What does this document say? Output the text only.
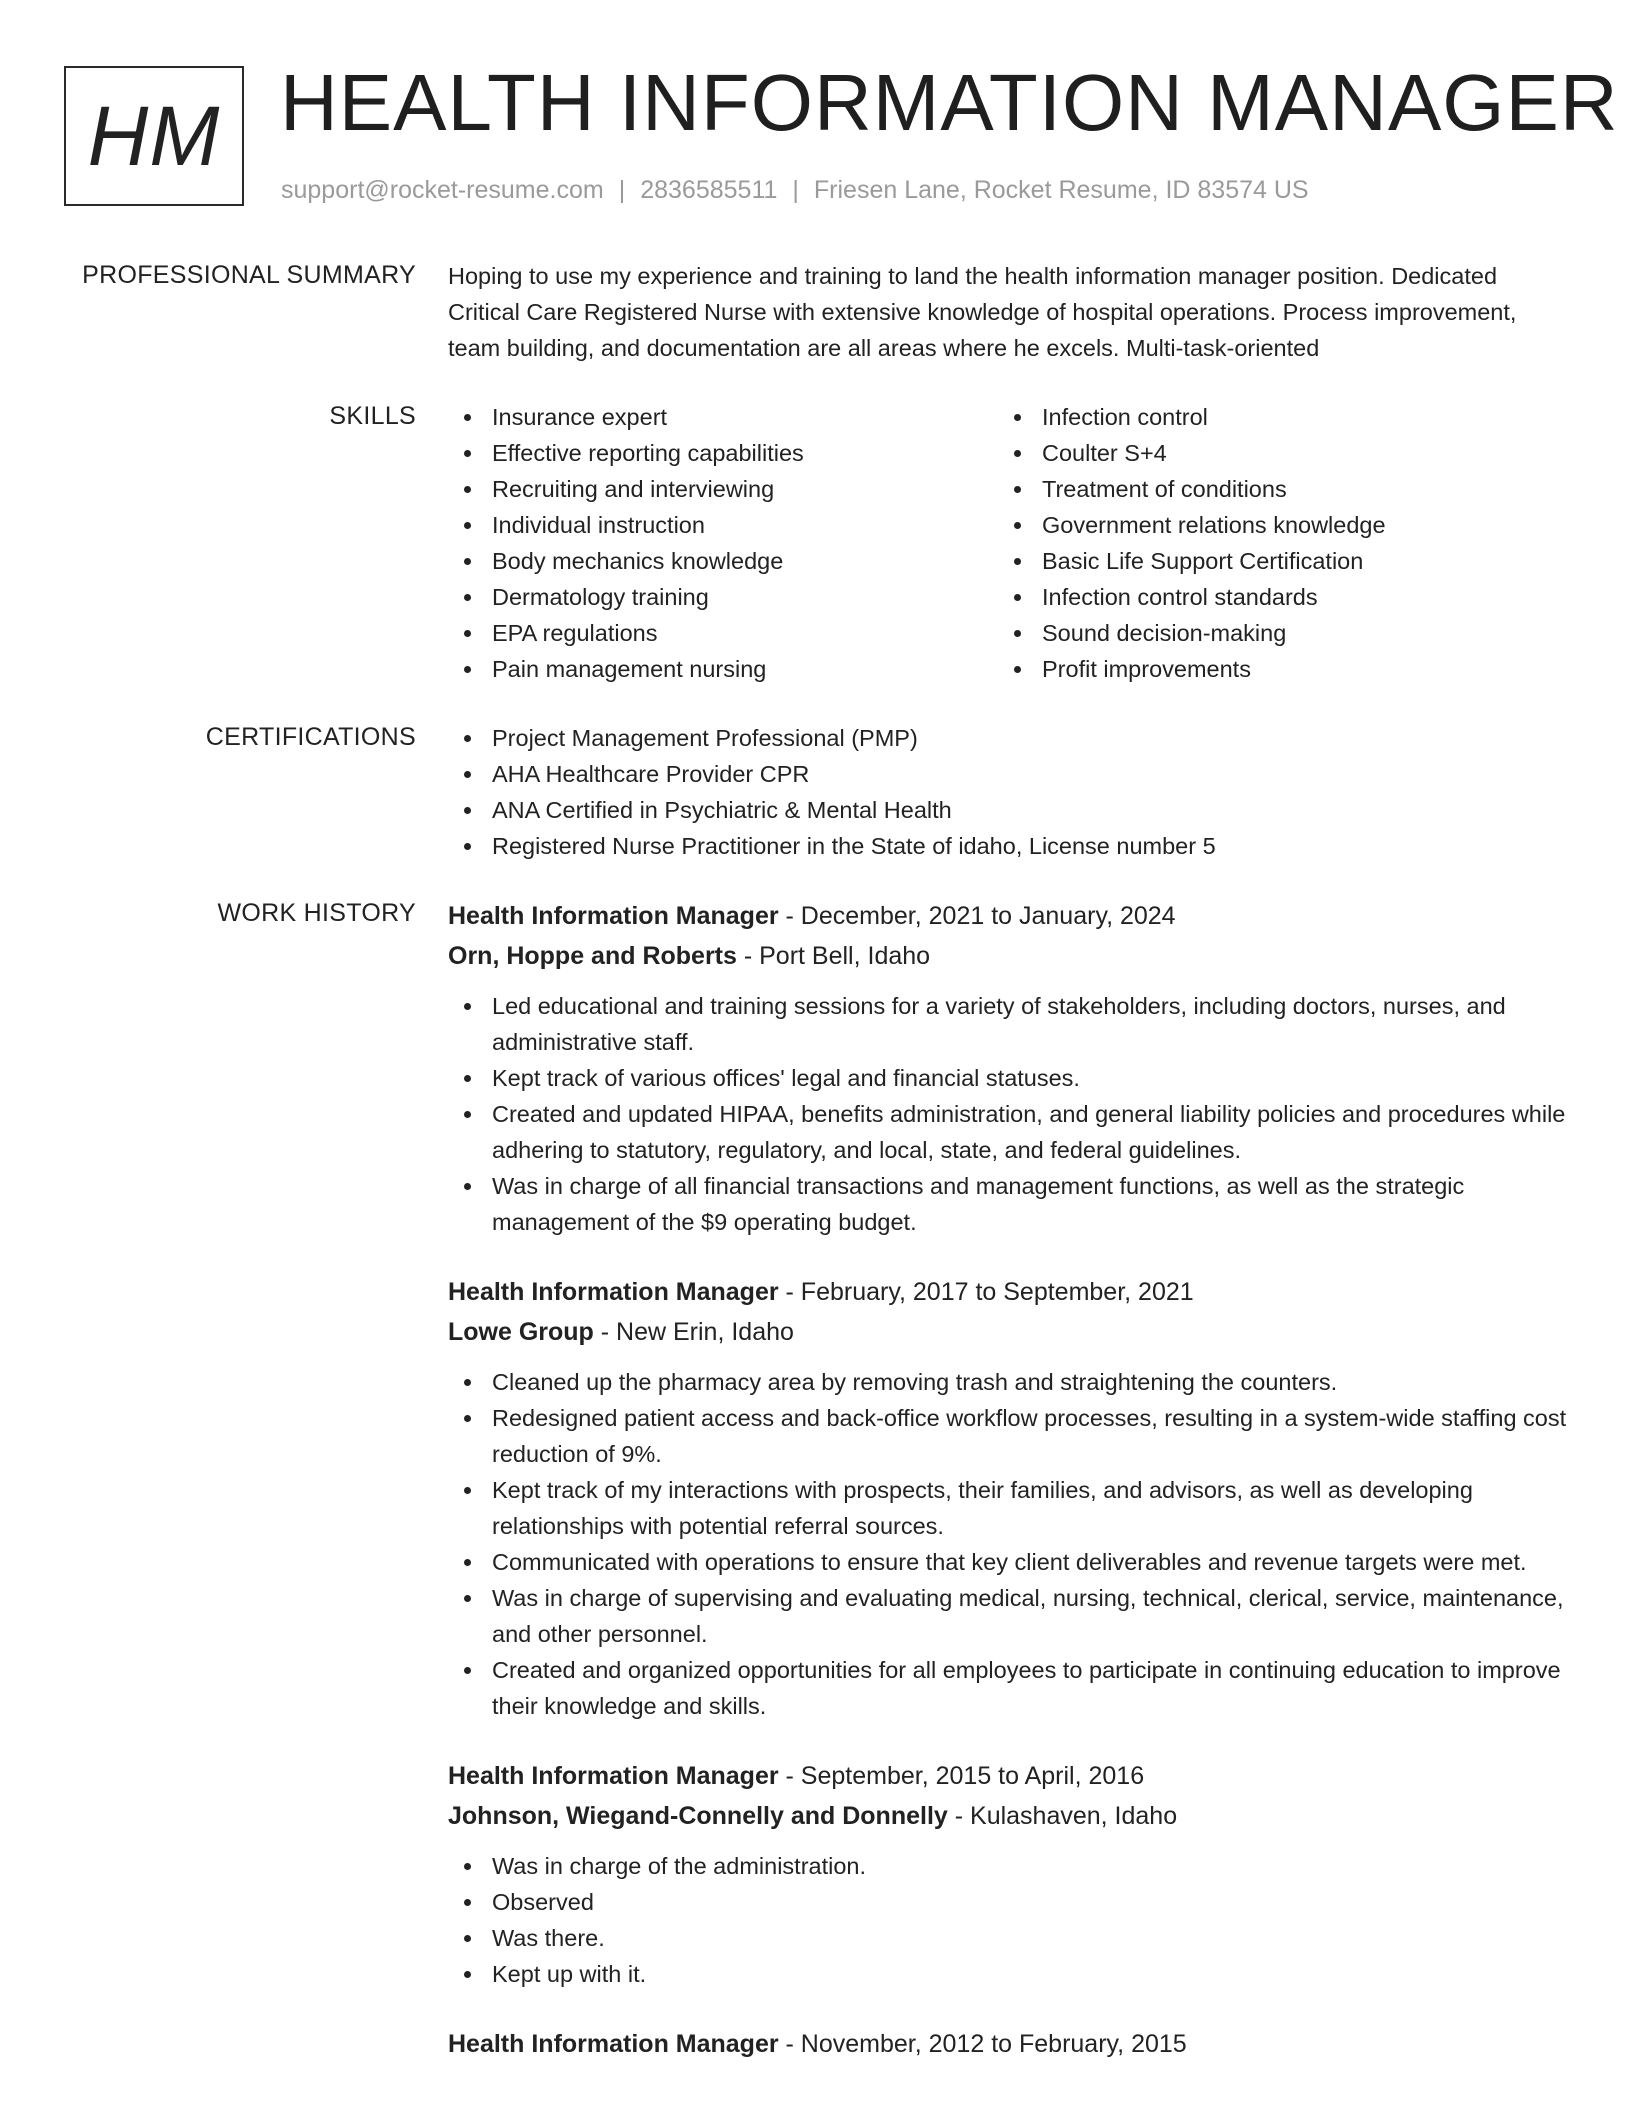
HM HEALTH INFORMATION MANAGER
support@rocket-resume.com | 2836585511 | Friesen Lane, Rocket Resume, ID 83574 US
PROFESSIONAL SUMMARY Hoping to use my experience and training to land the health information manager position. Dedicated Critical Care Registered Nurse with extensive knowledge of hospital operations. Process improvement, team building, and documentation are all areas where he excels. Multi-task-oriented

SKILLS	Insurance expert
Effective reporting capabilities
Recruiting and interviewing
Individual instruction
Body mechanics knowledge
Dermatology training
EPA regulations
Pain management nursing
Infection control
Coulter S+4
Treatment of conditions
Government relations knowledge
Basic Life Support Certification
Infection control standards
Sound decision-making
Profit improvements
CERTIFICATIONS	Project Management Professional (PMP)
AHA Healthcare Provider CPR
ANA Certified in Psychiatric & Mental Health
Registered Nurse Practitioner in the State of idaho, License number 5
WORK HISTORY Health Information Manager - December, 2021 to January, 2024
Orn, Hoppe and Roberts - Port Bell, Idaho
Led educational and training sessions for a variety of stakeholders, including doctors, nurses, and administrative staff.
Kept track of various offices' legal and financial statuses.
Created and updated HIPAA, benefits administration, and general liability policies and procedures while adhering to statutory, regulatory, and local, state, and federal guidelines.
Was in charge of all financial transactions and management functions, as well as the strategic management of the $9 operating budget.
Health Information Manager - February, 2017 to September, 2021
Lowe Group - New Erin, Idaho
Cleaned up the pharmacy area by removing trash and straightening the counters.
Redesigned patient access and back-office workflow processes, resulting in a system-wide staffing cost reduction of 9%.
Kept track of my interactions with prospects, their families, and advisors, as well as developing relationships with potential referral sources.
Communicated with operations to ensure that key client deliverables and revenue targets were met.
Was in charge of supervising and evaluating medical, nursing, technical, clerical, service, maintenance, and other personnel.
Created and organized opportunities for all employees to participate in continuing education to improve their knowledge and skills.
Health Information Manager - September, 2015 to April, 2016
Johnson, Wiegand-Connelly and Donnelly - Kulashaven, Idaho
Was in charge of the administration.
Observed
Was there.
Kept up with it.
Health Information Manager - November, 2012 to February, 2015
